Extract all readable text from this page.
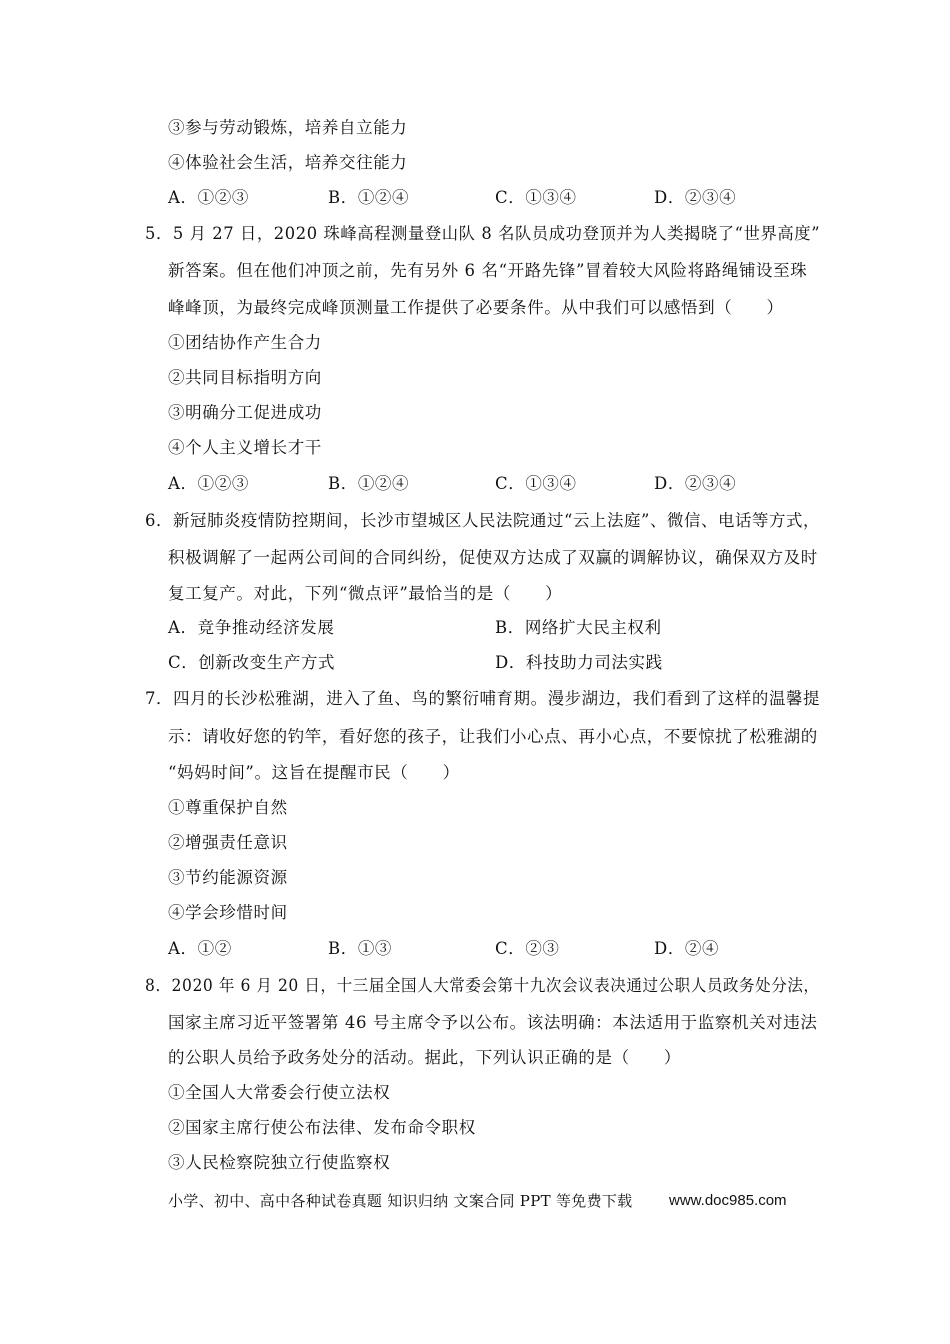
③参与劳动锻炼，培养自立能力
④体验社会生活，培养交往能力
A．①②③	B．①②④	C．①③④	D．②③④
5．5 月 27 日，2020 珠峰高程测量登山队 8 名队员成功登顶并为人类揭晓了“世界高度”
新答案。但在他们冲顶之前，先有另外 6 名“开路先锋”冒着较大风险将路绳铺设至珠
峰峰顶，为最终完成峰顶测量工作提供了必要条件。从中我们可以感悟到（　　）
①团结协作产生合力
②共同目标指明方向
③明确分工促进成功
④个人主义增长才干
A．①②③	B．①②④	C．①③④	D．②③④
6．新冠肺炎疫情防控期间，长沙市望城区人民法院通过“云上法庭”、微信、电话等方式，
积极调解了一起两公司间的合同纠纷，促使双方达成了双赢的调解协议，确保双方及时
复工复产。对此，下列“微点评”最恰当的是（　　）
A．竞争推动经济发展	B．网络扩大民主权利
C．创新改变生产方式	D．科技助力司法实践
7．四月的长沙松雅湖，进入了鱼、鸟的繁衍哺育期。漫步湖边，我们看到了这样的温馨提
示：请收好您的钓竿，看好您的孩子，让我们小心点、再小心点，不要惊扰了松雅湖的
“妈妈时间”。这旨在提醒市民（　　）
①尊重保护自然
②增强责任意识
③节约能源资源
④学会珍惜时间
A．①②	B．①③	C．②③	D．②④
8．2020 年 6 月 20 日，十三届全国人大常委会第十九次会议表决通过公职人员政务处分法，
国家主席习近平签署第 46 号主席令予以公布。该法明确：本法适用于监察机关对违法
的公职人员给予政务处分的活动。据此，下列认识正确的是（　　）
①全国人大常委会行使立法权
②国家主席行使公布法律、发布命令职权
③人民检察院独立行使监察权
小学、初中、高中各种试卷真题 知识归纳 文案合同 PPT 等免费下载 www.doc985.com
